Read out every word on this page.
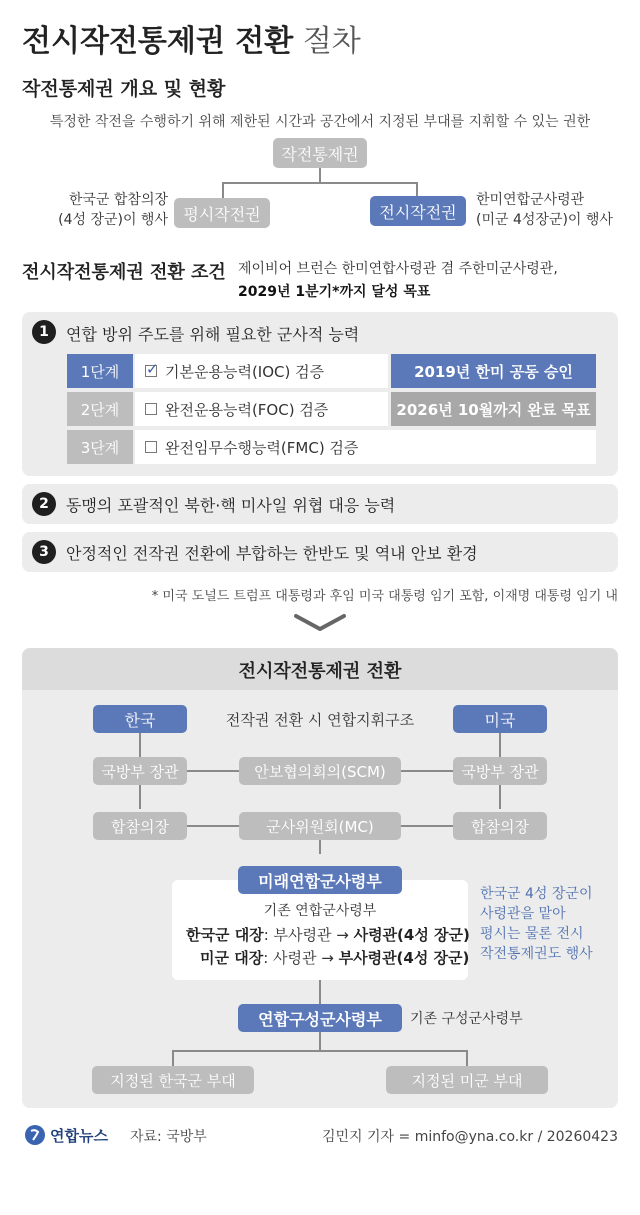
전시작전통제권 전환 절차
작전통제권 개요 및 현황
특정한 작전을 수행하기 위해 제한된 시간과 공간에서 지정된 부대를 지휘할 수 있는 권한
작전통제권
평시작전권	전시작전권
한국군 합참의장
(4성 장군)이 행사
한미연합군사령관
(미군 4성장군)이 행사
전시작전통제권 전환 조건 제이비어 브런슨 한미연합사령관 겸 주한미군사령관,
2029년 1분기*까지 달성 목표
1	연합 방위 주도를 위해 필요한 군사적 능력
1단계
✓	기본운용능력(IOC) 검증	2019년 한미 공동 승인
2단계	완전운용능력(FOC) 검증	2026년 10월까지 완료 목표
3단계	완전임무수행능력(FMC) 검증
2	동맹의 포괄적인 북한·핵 미사일 위협 대응 능력
3	안정적인 전작권 전환에 부합하는 한반도 및 역내 안보 환경
* 미국 도널드 트럼프 대통령과 후임 미국 대통령 임기 포함, 이재명 대통령 임기 내
전시작전통제권 전환
한국	미국
전작권 전환 시 연합지휘구조
국방부 장관	안보협의회의(SCM)	국방부 장관
합참의장	군사위원회(MC)	합참의장
미래연합군사령부
기존 연합군사령부
한국군 대장: 부사령관 → 사령관(4성 장군)
미군 대장: 사령관 → 부사령관(4성 장군)
한국군 4성 장군이
사령관을 맡아
평시는 물론 전시
작전통제권도 행사
연합구성군사령부	기존 구성군사령부
지정된 한국군 부대	지정된 미군 부대
연합뉴스 자료: 국방부	김민지 기자 = minfo@yna.co.kr / 20260423
